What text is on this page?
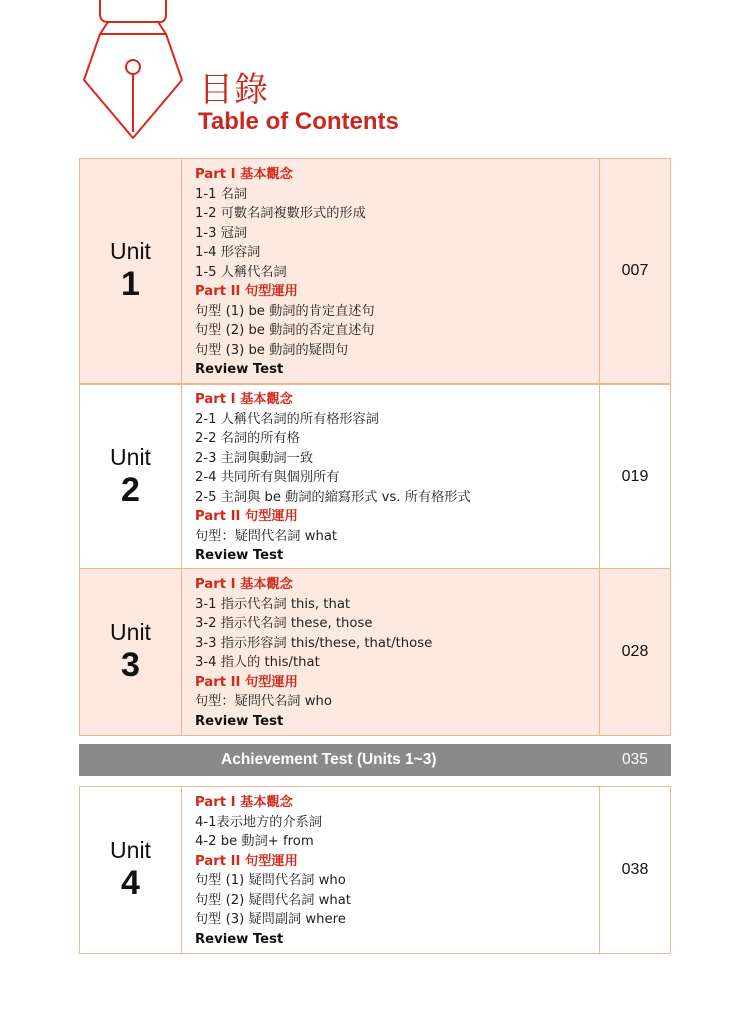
目錄
Table of Contents
Unit
1

Part I 基本觀念
1-1 名詞
1-2 可數名詞複數形式的形成
1-3 冠詞
1-4 形容詞
1-5 人稱代名詞
Part II 句型運用
句型 (1) be 動詞的肯定直述句
句型 (2) be 動詞的否定直述句
句型 (3) be 動詞的疑問句
Review Test
	007
Unit
2

Part I 基本觀念
2-1 人稱代名詞的所有格形容詞
2-2 名詞的所有格
2-3 主詞與動詞一致
2-4 共同所有與個別所有
2-5 主詞與 be 動詞的縮寫形式 vs. 所有格形式
Part II 句型運用
句型：疑問代名詞 what
Review Test
	019
Unit
3

Part I 基本觀念
3-1 指示代名詞 this, that
3-2 指示代名詞 these, those
3-3 指示形容詞 this/these, that/those
3-4 指人的 this/that
Part II 句型運用
句型：疑問代名詞 who
Review Test
	028
Achievement Test (Units 1~3)	035
Unit
4

Part I 基本觀念
4-1表示地方的介系詞
4-2 be 動詞+ from
Part II 句型運用
句型 (1) 疑問代名詞 who
句型 (2) 疑問代名詞 what
句型 (3) 疑問副詞 where
Review Test
	038
